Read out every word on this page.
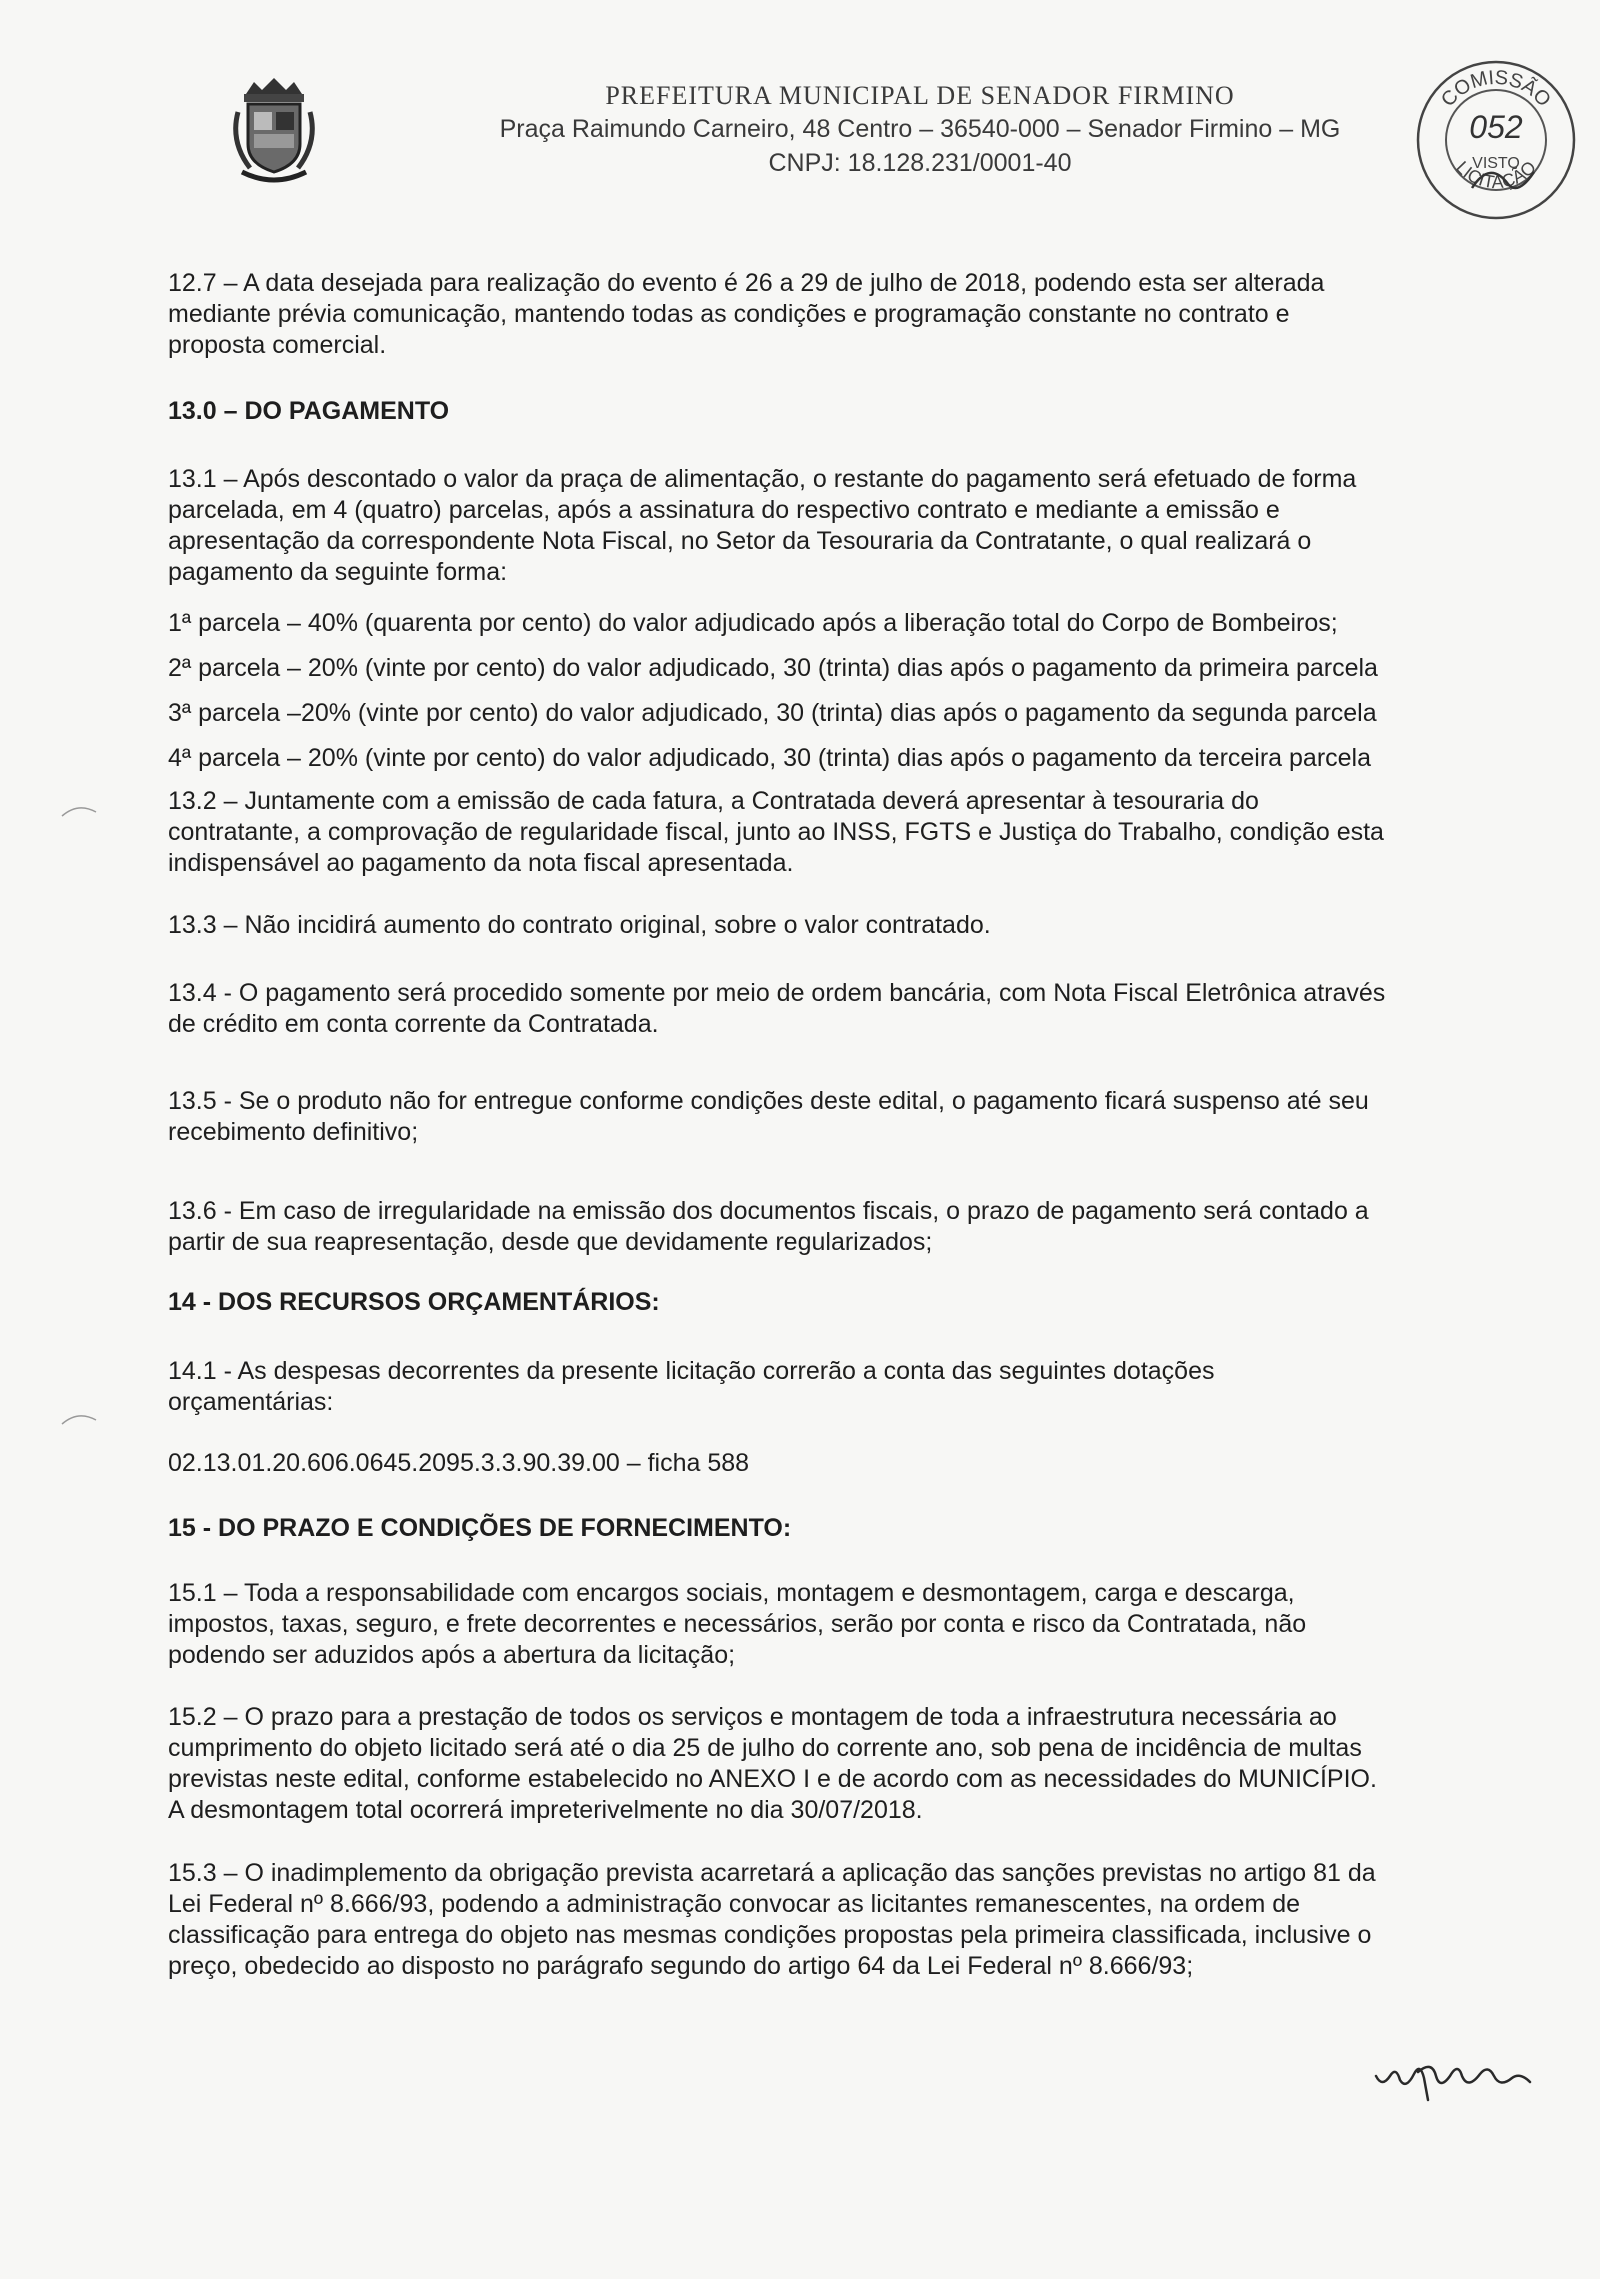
PREFEITURA MUNICIPAL DE SENADOR FIRMINO
Praça Raimundo Carneiro, 48 Centro – 36540-000 – Senador Firmino – MG
CNPJ: 18.128.231/0001-40
COMISSÃO
LICITAÇÃO
052
VISTO
12.7 – A data desejada para realização do evento é 26 a 29 de julho de 2018, podendo esta ser alterada
mediante prévia comunicação, mantendo todas as condições e programação constante no contrato e
proposta comercial.
13.0 – DO PAGAMENTO
13.1 – Após descontado o valor da praça de alimentação, o restante do pagamento será efetuado de forma
parcelada, em 4 (quatro) parcelas, após a assinatura do respectivo contrato e mediante a emissão e
apresentação da correspondente Nota Fiscal, no Setor da Tesouraria da Contratante, o qual realizará o
pagamento da seguinte forma:
1ª parcela – 40% (quarenta por cento) do valor adjudicado após a liberação total do Corpo de Bombeiros;
2ª parcela – 20% (vinte por cento) do valor adjudicado, 30 (trinta) dias após o pagamento da primeira parcela
3ª parcela –20% (vinte por cento) do valor adjudicado, 30 (trinta) dias após o pagamento da segunda parcela
4ª parcela – 20% (vinte por cento) do valor adjudicado, 30 (trinta) dias após o pagamento da terceira parcela
13.2 – Juntamente com a emissão de cada fatura, a Contratada deverá apresentar à tesouraria do
contratante, a comprovação de regularidade fiscal, junto ao INSS, FGTS e Justiça do Trabalho, condição esta
indispensável ao pagamento da nota fiscal apresentada.
13.3 – Não incidirá aumento do contrato original, sobre o valor contratado.
13.4 - O pagamento será procedido somente por meio de ordem bancária, com Nota Fiscal Eletrônica através
de crédito em conta corrente da Contratada.
13.5 - Se o produto não for entregue conforme condições deste edital, o pagamento ficará suspenso até seu
recebimento definitivo;
13.6 - Em caso de irregularidade na emissão dos documentos fiscais, o prazo de pagamento será contado a
partir de sua reapresentação, desde que devidamente regularizados;
14 - DOS RECURSOS ORÇAMENTÁRIOS:
14.1 - As despesas decorrentes da presente licitação correrão a conta das seguintes dotações
orçamentárias:
02.13.01.20.606.0645.2095.3.3.90.39.00 – ficha 588
15 - DO PRAZO E CONDIÇÕES DE FORNECIMENTO:
15.1 – Toda a responsabilidade com encargos sociais, montagem e desmontagem, carga e descarga,
impostos, taxas, seguro, e frete decorrentes e necessários, serão por conta e risco da Contratada, não
podendo ser aduzidos após a abertura da licitação;
15.2 – O prazo para a prestação de todos os serviços e montagem de toda a infraestrutura necessária ao
cumprimento do objeto licitado será até o dia 25 de julho do corrente ano, sob pena de incidência de multas
previstas neste edital, conforme estabelecido no ANEXO I e de acordo com as necessidades do MUNICÍPIO.
A desmontagem total ocorrerá impreterivelmente no dia 30/07/2018.
15.3 – O inadimplemento da obrigação prevista acarretará a aplicação das sanções previstas no artigo 81 da
Lei Federal nº 8.666/93, podendo a administração convocar as licitantes remanescentes, na ordem de
classificação para entrega do objeto nas mesmas condições propostas pela primeira classificada, inclusive o
preço, obedecido ao disposto no parágrafo segundo do artigo 64 da Lei Federal nº 8.666/93;
